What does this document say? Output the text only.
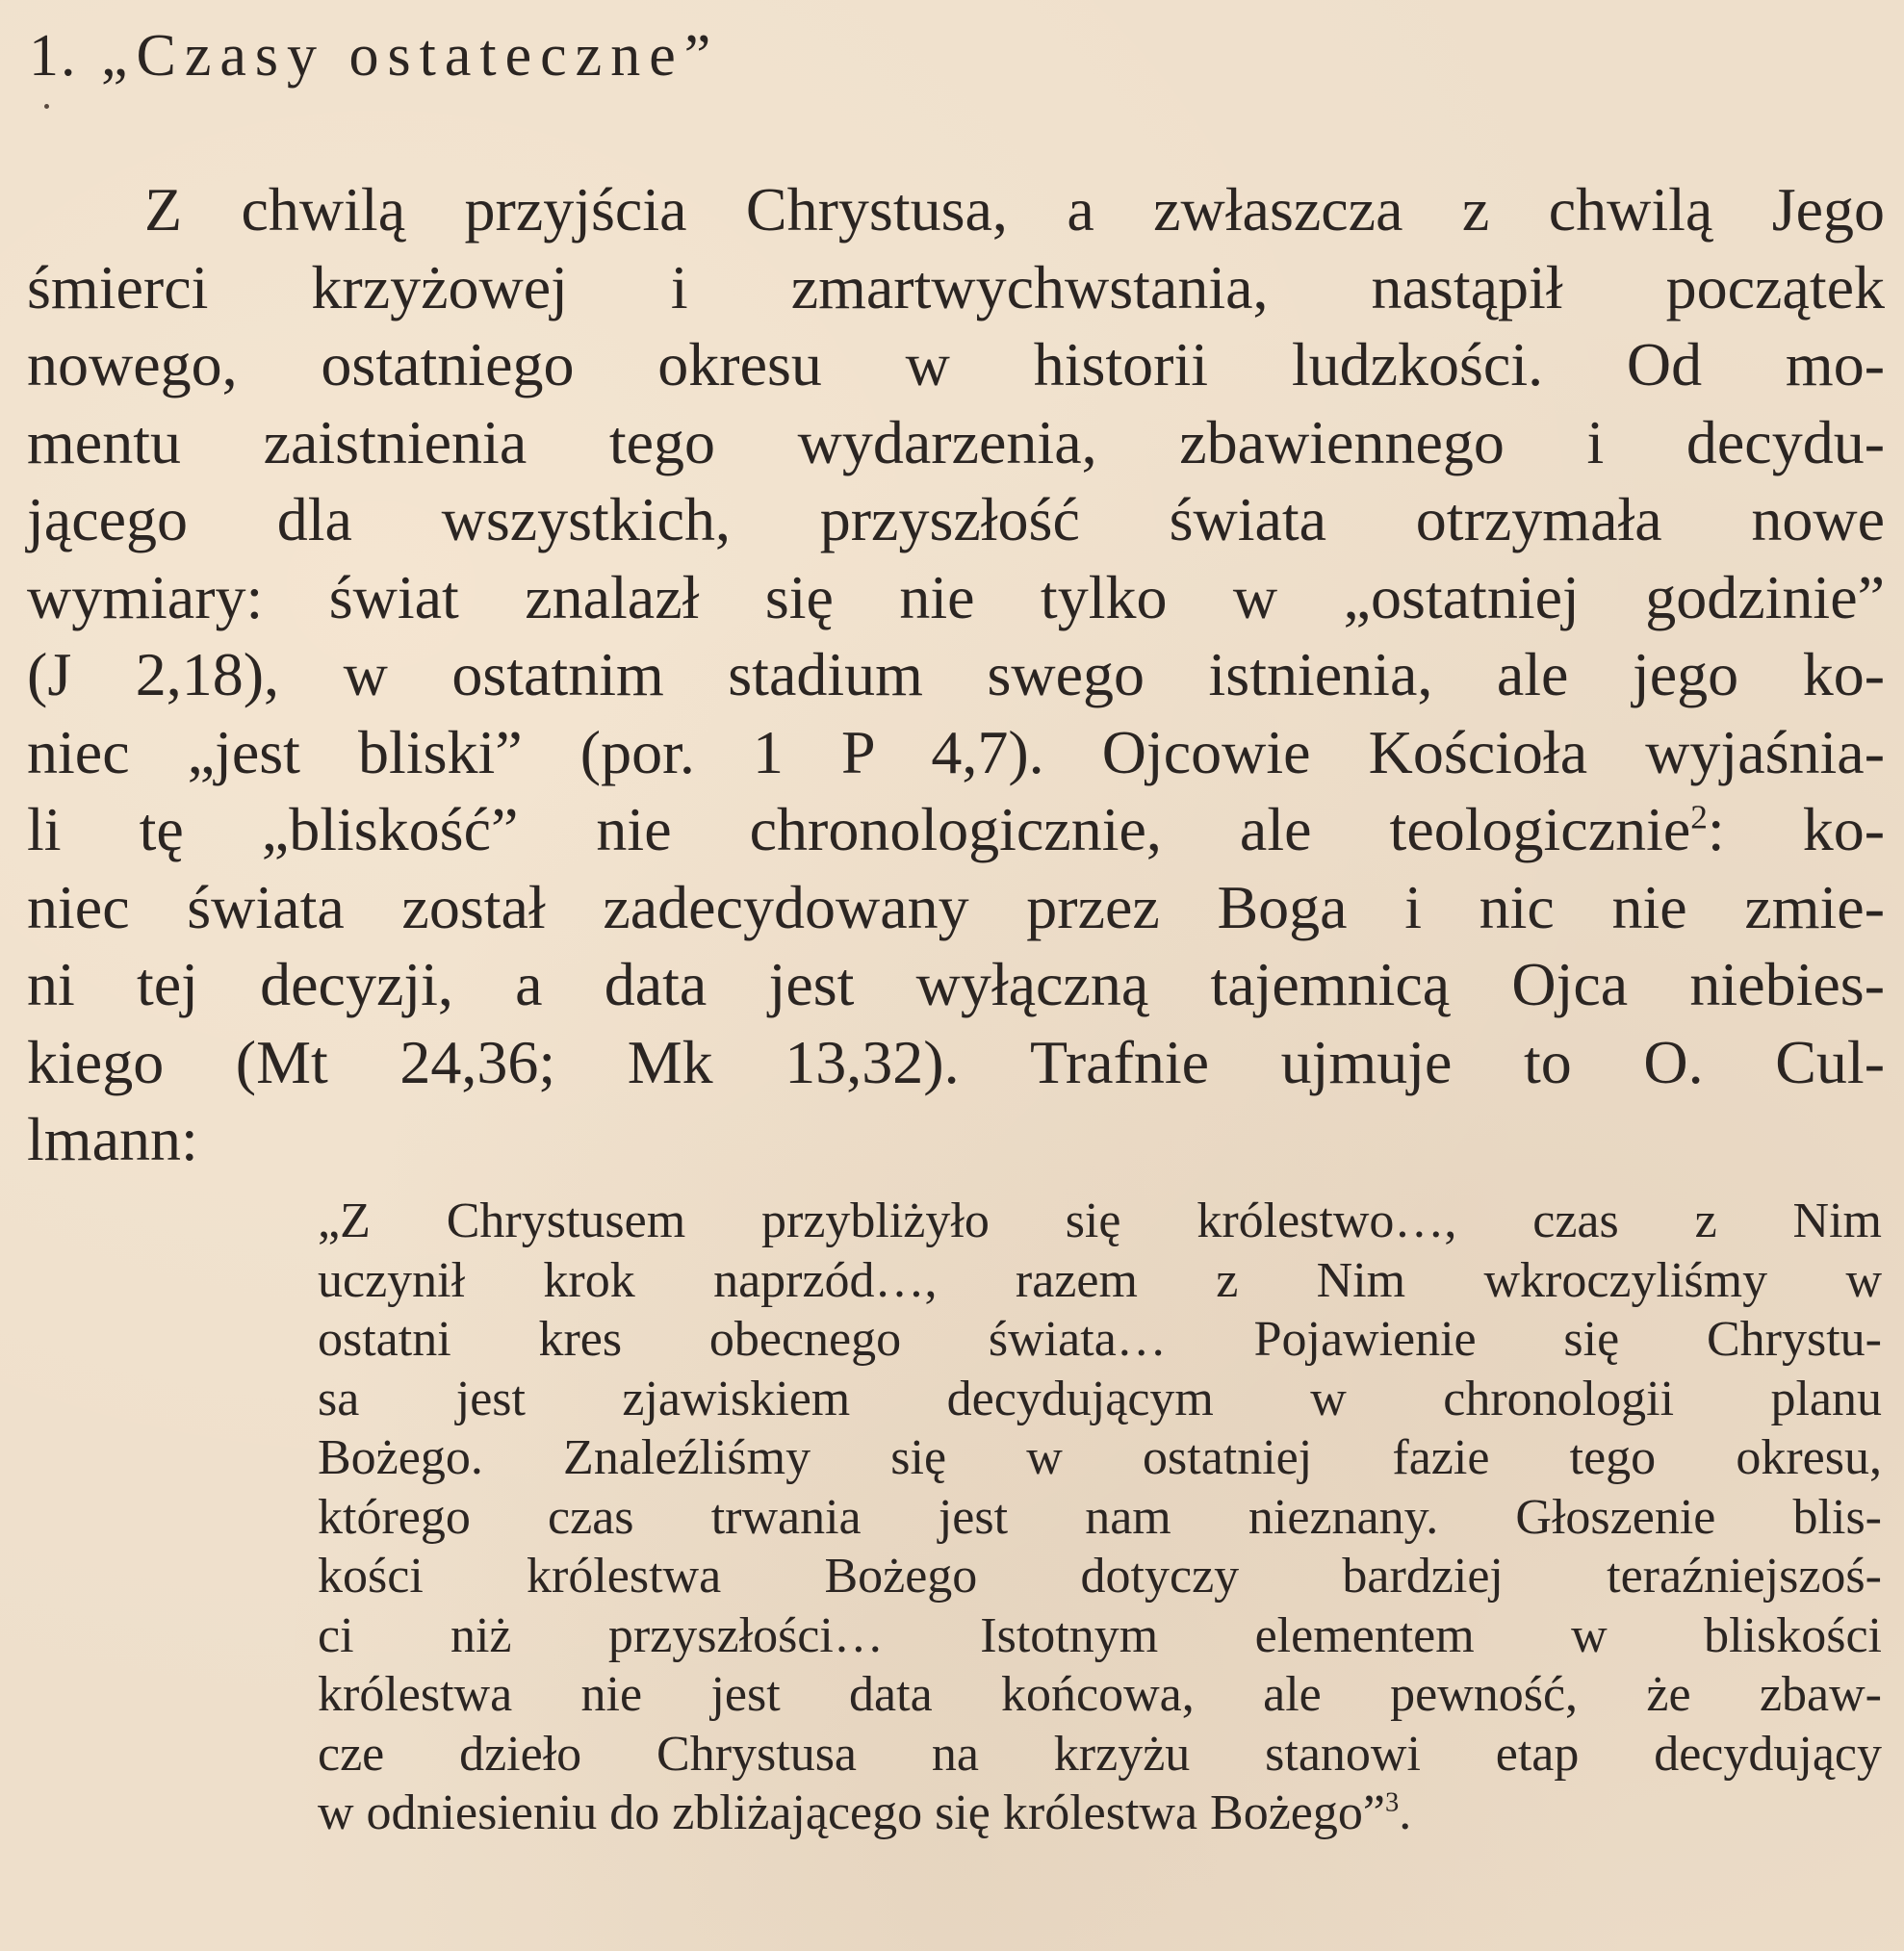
1. „Czasy ostateczne”
Z chwilą przyjścia Chrystusa, a zwłaszcza z chwilą Jego
śmierci krzyżowej i zmartwychwstania, nastąpił początek
nowego, ostatniego okresu w historii ludzkości. Od mo-
mentu zaistnienia tego wydarzenia, zbawiennego i decydu-
jącego dla wszystkich, przyszłość świata otrzymała nowe
wymiary: świat znalazł się nie tylko w „ostatniej godzinie”
(J 2,18), w ostatnim stadium swego istnienia, ale jego ko-
niec „jest bliski” (por. 1 P 4,7). Ojcowie Kościoła wyjaśnia-
li tę „bliskość” nie chronologicznie, ale teologicznie$^2$: ko-
niec świata został zadecydowany przez Boga i nic nie zmie-
ni tej decyzji, a data jest wyłączną tajemnicą Ojca niebies-
kiego (Mt 24,36; Mk 13,32). Trafnie ujmuje to O. Cul-
lmann:
„Z Chrystusem przybliżyło się królestwo…, czas z Nim
uczynił krok naprzód…, razem z Nim wkroczyliśmy w
ostatni kres obecnego świata… Pojawienie się Chrystu-
sa jest zjawiskiem decydującym w chronologii planu
Bożego. Znaleźliśmy się w ostatniej fazie tego okresu,
którego czas trwania jest nam nieznany. Głoszenie blis-
kości królestwa Bożego dotyczy bardziej teraźniejszoś-
ci niż przyszłości… Istotnym elementem w bliskości
królestwa nie jest data końcowa, ale pewność, że zbaw-
cze dzieło Chrystusa na krzyżu stanowi etap decydujący
w odniesieniu do zbliżającego się królestwa Bożego”$^3$.
